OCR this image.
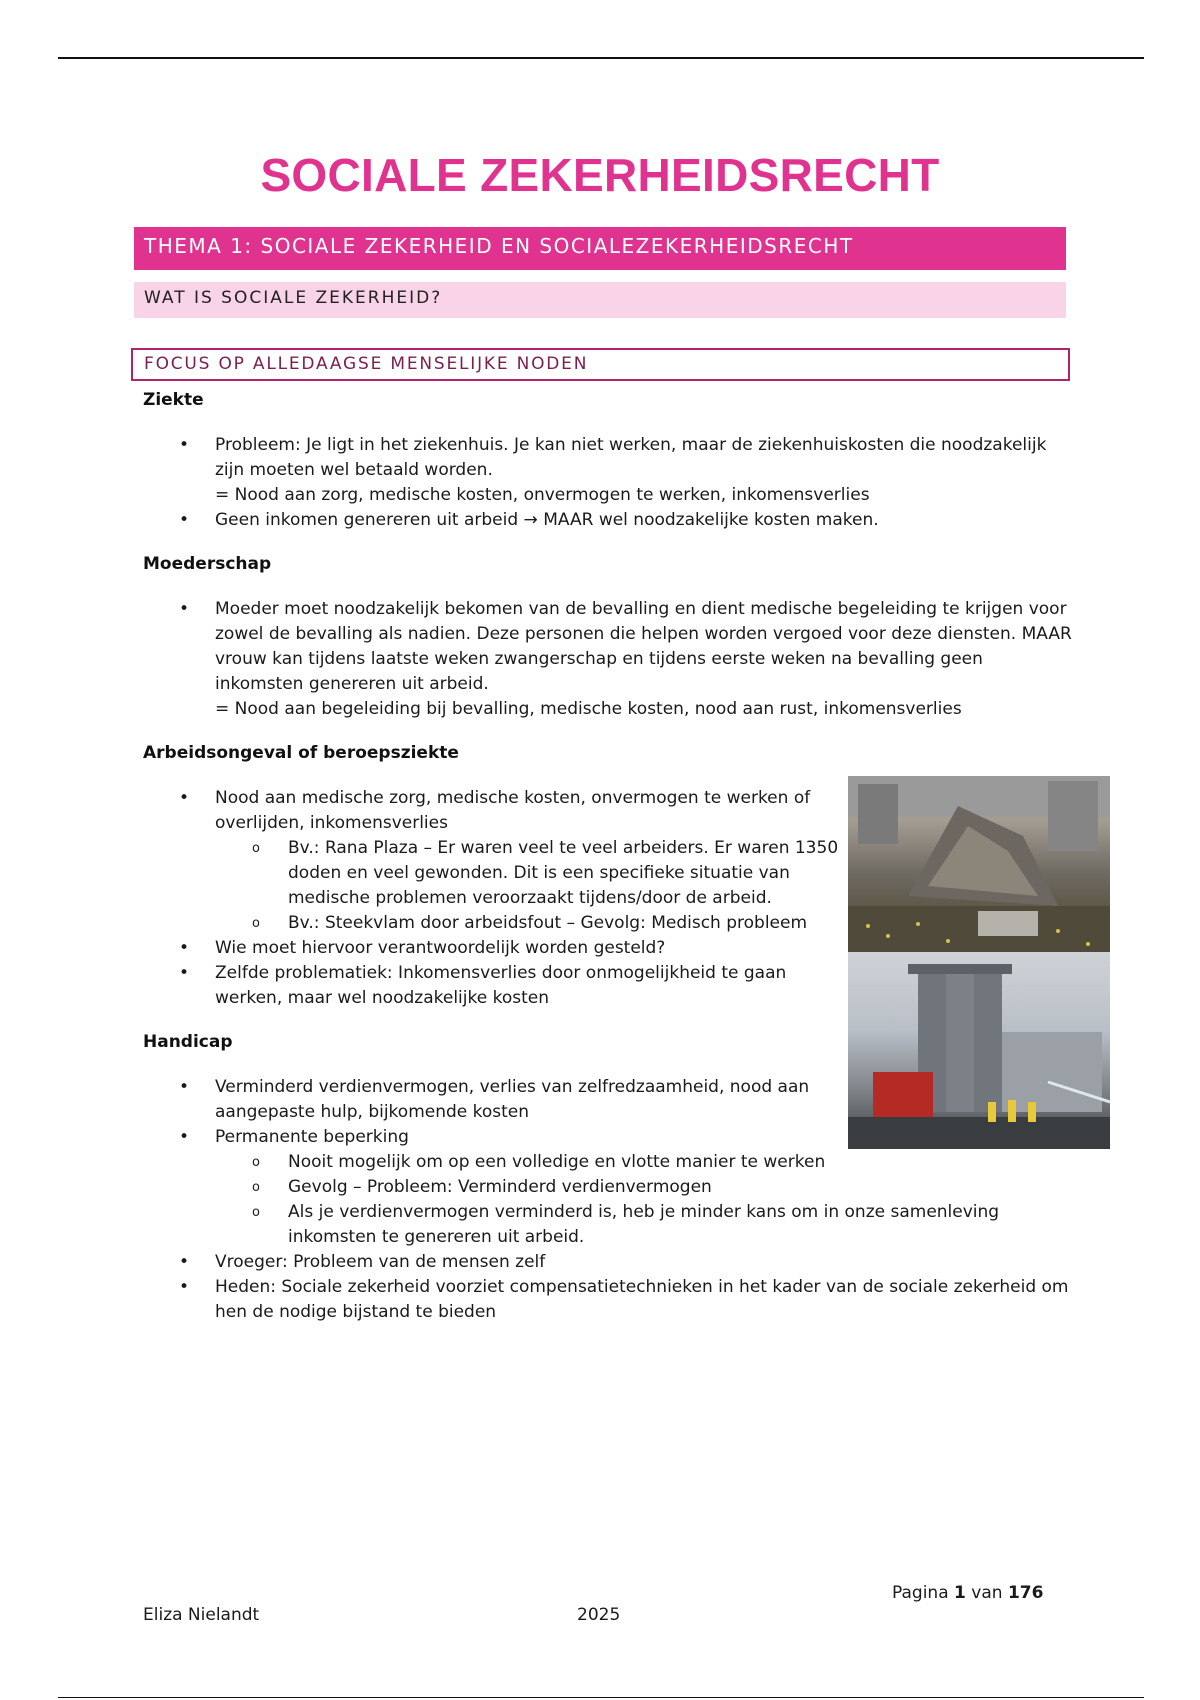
SOCIALE ZEKERHEIDSRECHT
THEMA 1: SOCIALE ZEKERHEID EN SOCIALEZEKERHEIDSRECHT
WAT IS SOCIALE ZEKERHEID?
FOCUS OP ALLEDAAGSE MENSELIJKE NODEN
Ziekte
• Probleem: Je ligt in het ziekenhuis. Je kan niet werken, maar de ziekenhuiskosten die noodzakelijk zijn moeten wel betaald worden.
= Nood aan zorg, medische kosten, onvermogen te werken, inkomensverlies
• Geen inkomen genereren uit arbeid → MAAR wel noodzakelijke kosten maken.
Moederschap
• Moeder moet noodzakelijk bekomen van de bevalling en dient medische begeleiding te krijgen voor zowel de bevalling als nadien. Deze personen die helpen worden vergoed voor deze diensten. MAAR vrouw kan tijdens laatste weken zwangerschap en tijdens eerste weken na bevalling geen inkomsten genereren uit arbeid.
= Nood aan begeleiding bij bevalling, medische kosten, nood aan rust, inkomensverlies
Arbeidsongeval of beroepsziekte
• Nood aan medische zorg, medische kosten, onvermogen te werken of overlijden, inkomensverlies
o Bv.: Rana Plaza – Er waren veel te veel arbeiders. Er waren 1350 doden en veel gewonden. Dit is een specifieke situatie van medische problemen veroorzaakt tijdens/door de arbeid.
o Bv.: Steekvlam door arbeidsfout – Gevolg: Medisch probleem
• Wie moet hiervoor verantwoordelijk worden gesteld?
• Zelfde problematiek: Inkomensverlies door onmogelijkheid te gaan werken, maar wel noodzakelijke kosten
Handicap
• Verminderd verdienvermogen, verlies van zelfredzaamheid, nood aan aangepaste hulp, bijkomende kosten
• Permanente beperking
o Nooit mogelijk om op een volledige en vlotte manier te werken
o Gevolg – Probleem: Verminderd verdienvermogen
o Als je verdienvermogen verminderd is, heb je minder kans om in onze samenleving inkomsten te genereren uit arbeid.
• Vroeger: Probleem van de mensen zelf
• Heden: Sociale zekerheid voorziet compensatietechnieken in het kader van de sociale zekerheid om hen de nodige bijstand te bieden
Pagina 1 van 176
Eliza Nielandt	2025
